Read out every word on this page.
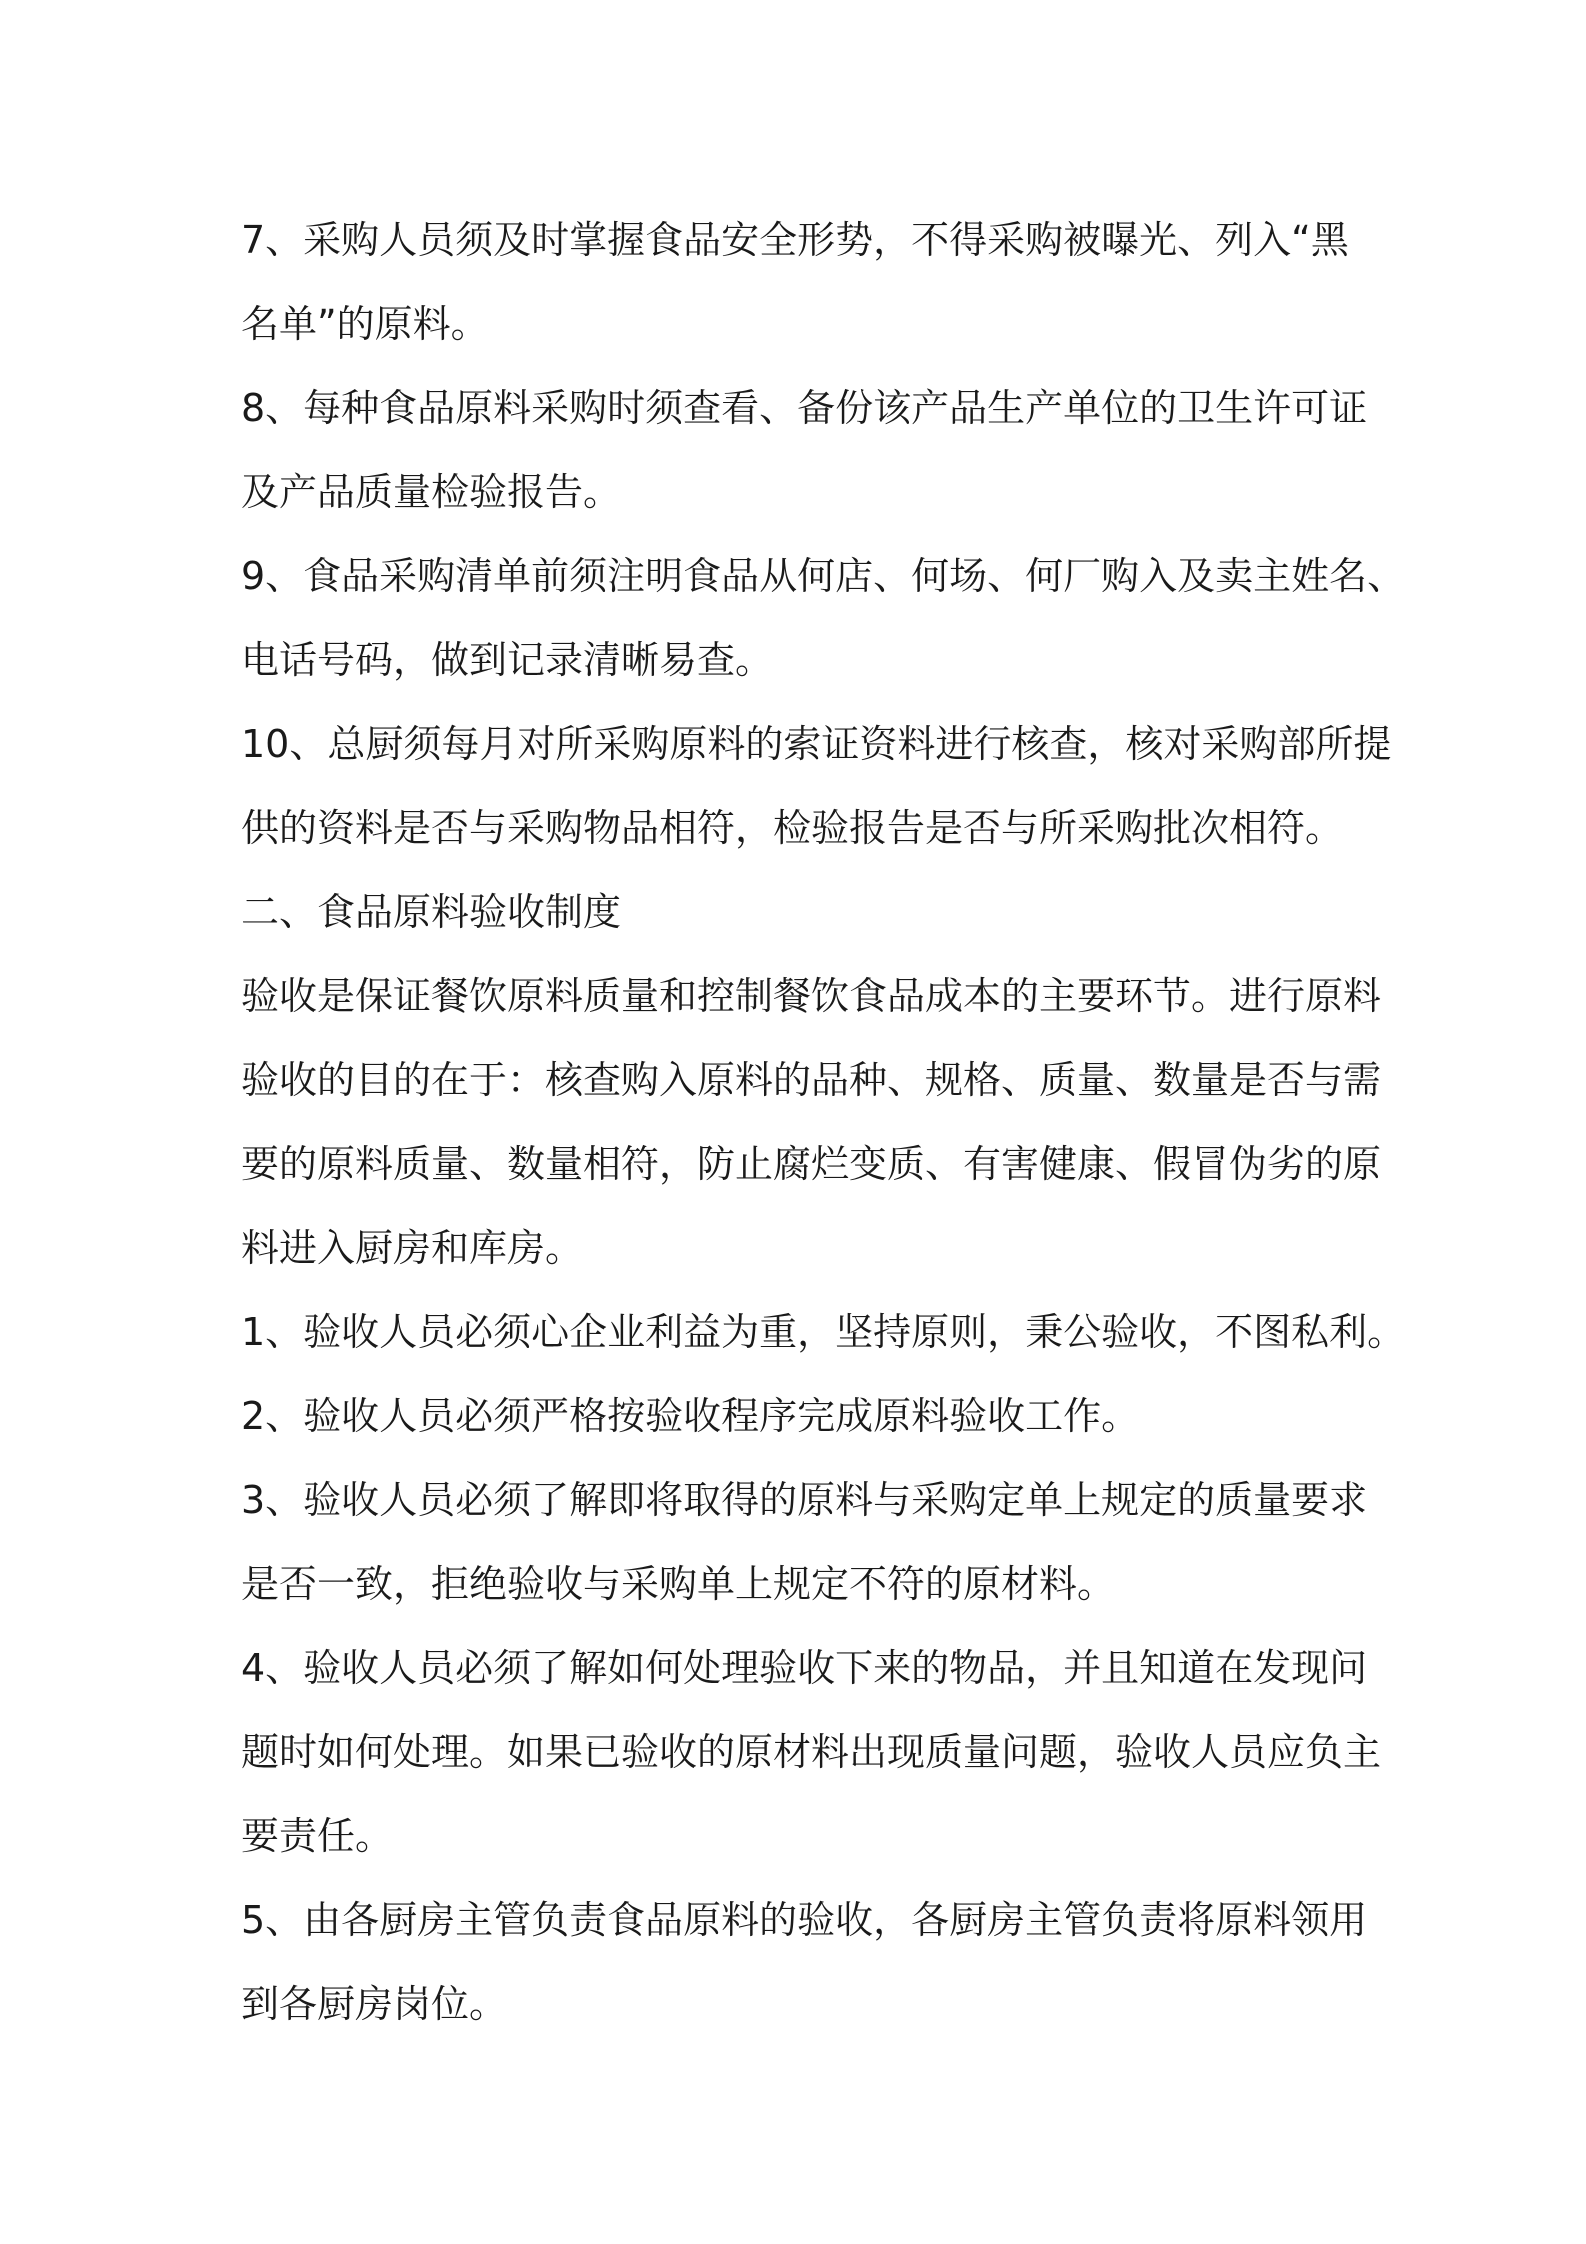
7、采购人员须及时掌握食品安全形势，不得采购被曝光、列入“黑
名单”的原料。
8、每种食品原料采购时须查看、备份该产品生产单位的卫生许可证
及产品质量检验报告。
9、食品采购清单前须注明食品从何店、何场、何厂购入及卖主姓名、
电话号码，做到记录清晰易查。
10、总厨须每月对所采购原料的索证资料进行核查，核对采购部所提
供的资料是否与采购物品相符，检验报告是否与所采购批次相符。
二、食品原料验收制度
验收是保证餐饮原料质量和控制餐饮食品成本的主要环节。进行原料
验收的目的在于：核查购入原料的品种、规格、质量、数量是否与需
要的原料质量、数量相符，防止腐烂变质、有害健康、假冒伪劣的原
料进入厨房和库房。
1、验收人员必须心企业利益为重，坚持原则，秉公验收，不图私利。
2、验收人员必须严格按验收程序完成原料验收工作。
3、验收人员必须了解即将取得的原料与采购定单上规定的质量要求
是否一致，拒绝验收与采购单上规定不符的原材料。
4、验收人员必须了解如何处理验收下来的物品，并且知道在发现问
题时如何处理。如果已验收的原材料出现质量问题，验收人员应负主
要责任。
5、由各厨房主管负责食品原料的验收，各厨房主管负责将原料领用
到各厨房岗位。
